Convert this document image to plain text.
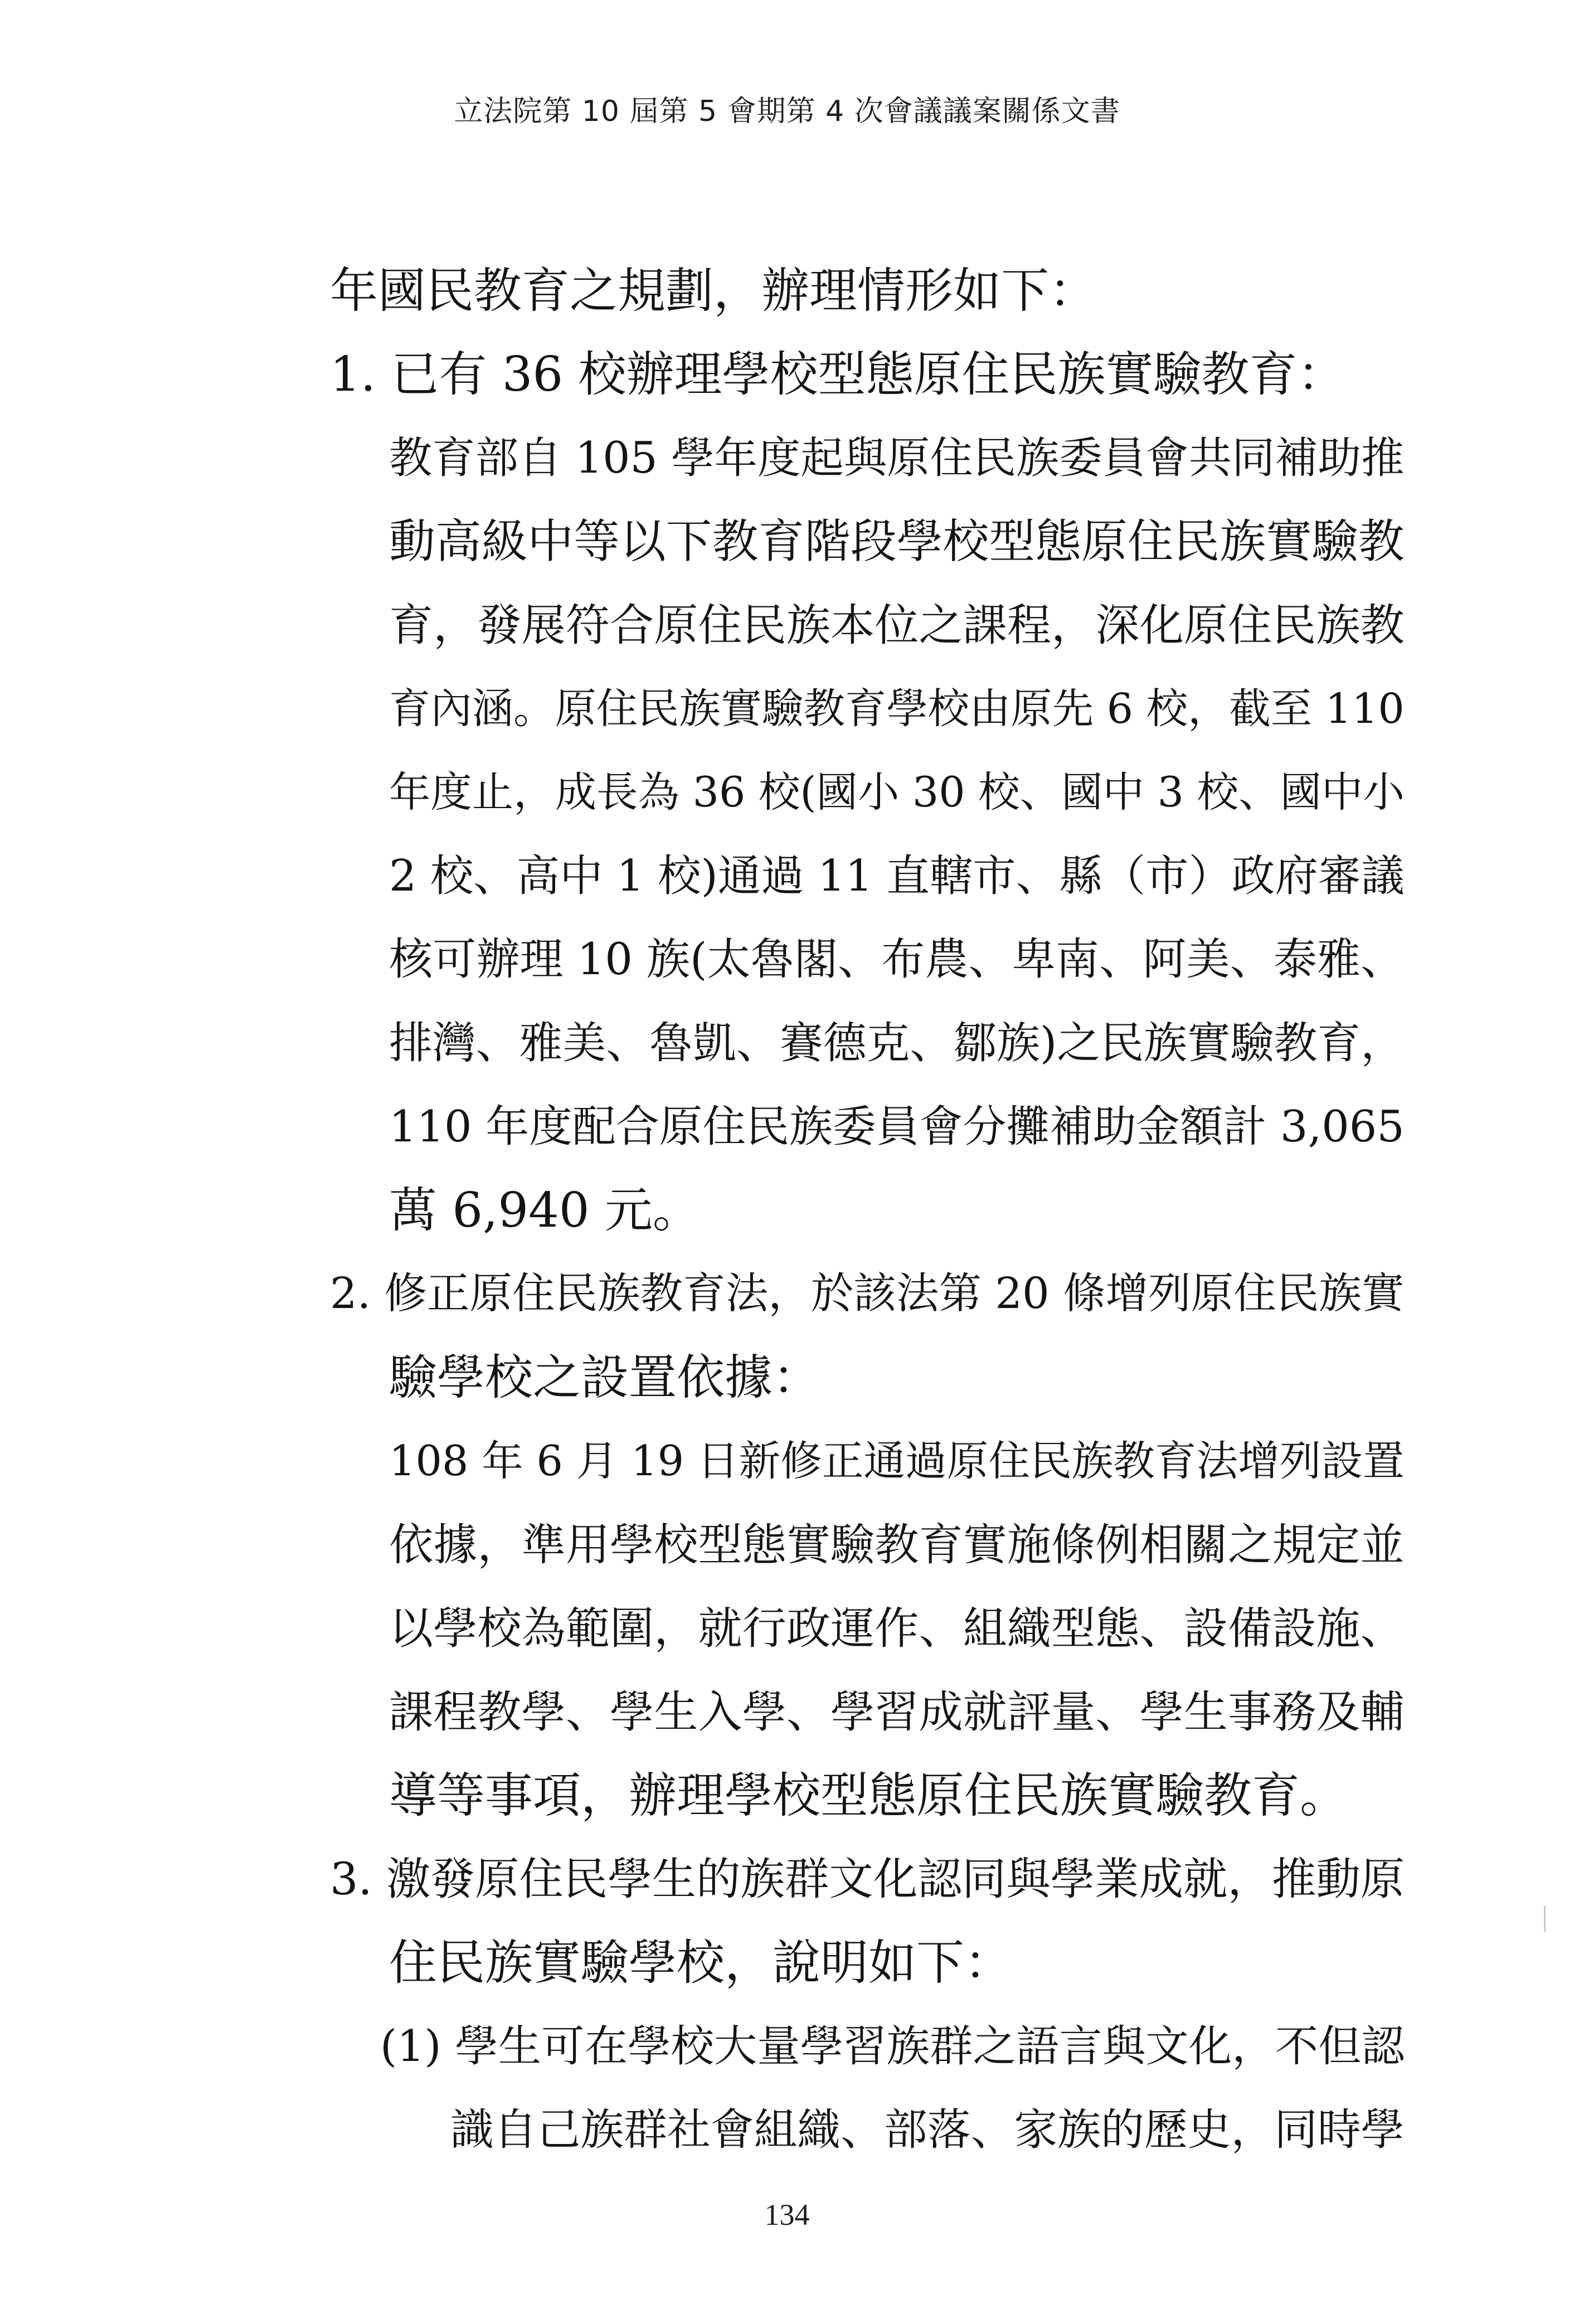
立法院第 10 屆第 5 會期第 4 次會議議案關係文書
年國民教育之規劃，辦理情形如下：
1. 已有 36 校辦理學校型態原住民族實驗教育：
教育部自 105 學年度起與原住民族委員會共同補助推
動高級中等以下教育階段學校型態原住民族實驗教
育，發展符合原住民族本位之課程，深化原住民族教
育內涵。原住民族實驗教育學校由原先 6 校，截至 110
年度止，成長為 36 校(國小 30 校、國中 3 校、國中小
2 校、高中 1 校)通過 11 直轄市、縣（市）政府審議
核可辦理 10 族(太魯閣、布農、卑南、阿美、泰雅、
排灣、雅美、魯凱、賽德克、鄒族)之民族實驗教育，
110 年度配合原住民族委員會分攤補助金額計 3,065
萬 6,940 元。
2. 修正原住民族教育法，於該法第 20 條增列原住民族實
驗學校之設置依據：
108 年 6 月 19 日新修正通過原住民族教育法增列設置
依據，準用學校型態實驗教育實施條例相關之規定並
以學校為範圍，就行政運作、組織型態、設備設施、
課程教學、學生入學、學習成就評量、學生事務及輔
導等事項，辦理學校型態原住民族實驗教育。
3. 激發原住民學生的族群文化認同與學業成就，推動原
住民族實驗學校，說明如下：
(1) 學生可在學校大量學習族群之語言與文化，不但認
識自己族群社會組織、部落、家族的歷史，同時學
134
